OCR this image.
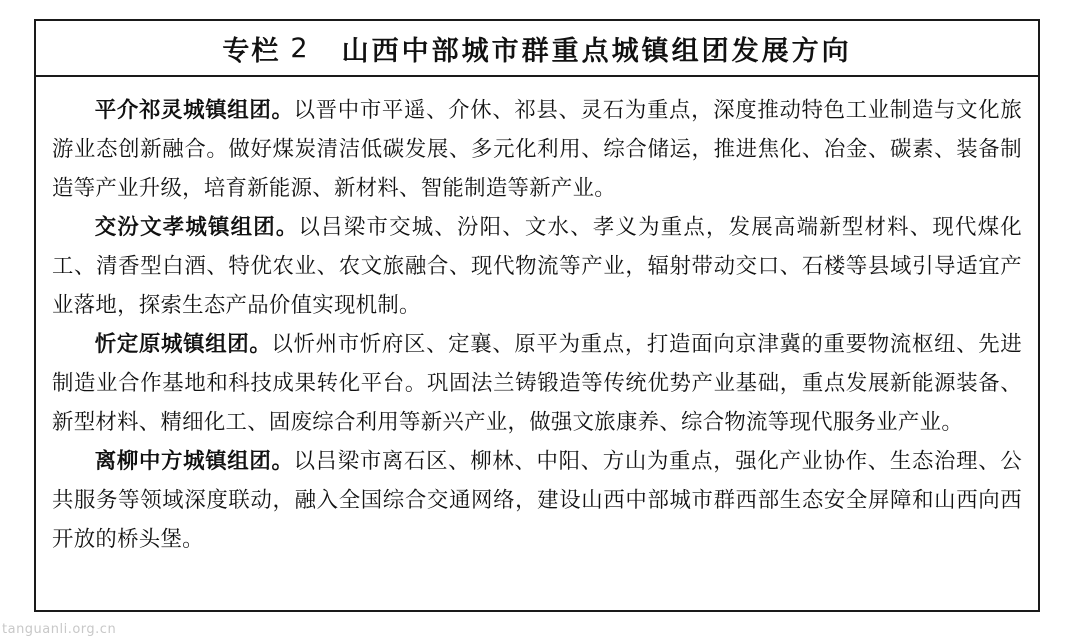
专栏 2 山西中部城市群重点城镇组团发展方向

平介祁灵城镇组团。以晋中市平遥、介休、祁县、灵石为重点，深度推动特色工业制造与文化旅游业态创新融合。做好煤炭清洁低碳发展、多元化利用、综合储运，推进焦化、冶金、碳素、装备制造等产业升级，培育新能源、新材料、智能制造等新产业。

交汾文孝城镇组团。以吕梁市交城、汾阳、文水、孝义为重点，发展高端新型材料、现代煤化工、清香型白酒、特优农业、农文旅融合、现代物流等产业，辐射带动交口、石楼等县域引导适宜产业落地，探索生态产品价值实现机制。

忻定原城镇组团。以忻州市忻府区、定襄、原平为重点，打造面向京津冀的重要物流枢纽、先进制造业合作基地和科技成果转化平台。巩固法兰铸锻造等传统优势产业基础，重点发展新能源装备、新型材料、精细化工、固废综合利用等新兴产业，做强文旅康养、综合物流等现代服务业产业。

离柳中方城镇组团。以吕梁市离石区、柳林、中阳、方山为重点，强化产业协作、生态治理、公共服务等领域深度联动，融入全国综合交通网络，建设山西中部城市群西部生态安全屏障和山西向西开放的桥头堡。

tanguanli.org.cn
